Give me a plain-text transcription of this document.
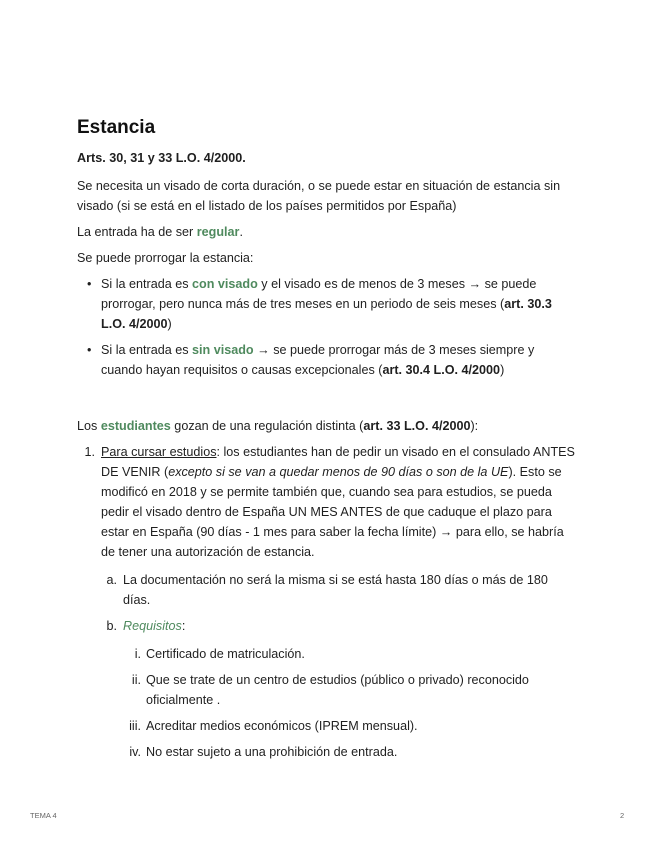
Estancia

Arts. 30, 31 y 33 L.O. 4/2000.

Se necesita un visado de corta duración, o se puede estar en situación de estancia sin visado (si se está en el listado de los países permitidos por España)

La entrada ha de ser regular.

Se puede prorrogar la estancia:

• Si la entrada es con visado y el visado es de menos de 3 meses → se puede prorrogar, pero nunca más de tres meses en un periodo de seis meses (art. 30.3 L.O. 4/2000)
• Si la entrada es sin visado → se puede prorrogar más de 3 meses siempre y cuando hayan requisitos o causas excepcionales (art. 30.4 L.O. 4/2000)

Los estudiantes gozan de una regulación distinta (art. 33 L.O. 4/2000):

1. Para cursar estudios: los estudiantes han de pedir un visado en el consulado ANTES DE VENIR (excepto si se van a quedar menos de 90 días o son de la UE). Esto se modificó en 2018 y se permite también que, cuando sea para estudios, se pueda pedir el visado dentro de España UN MES ANTES de que caduque el plazo para estar en España (90 días - 1 mes para saber la fecha límite) → para ello, se habría de tener una autorización de estancia.
a. La documentación no será la misma si se está hasta 180 días o más de 180 días.
b. Requisitos:
i. Certificado de matriculación.
ii. Que se trate de un centro de estudios (público o privado) reconocido oficialmente .
iii. Acreditar medios económicos (IPREM mensual).
iv. No estar sujeto a una prohibición de entrada.
TEMA 4	2
